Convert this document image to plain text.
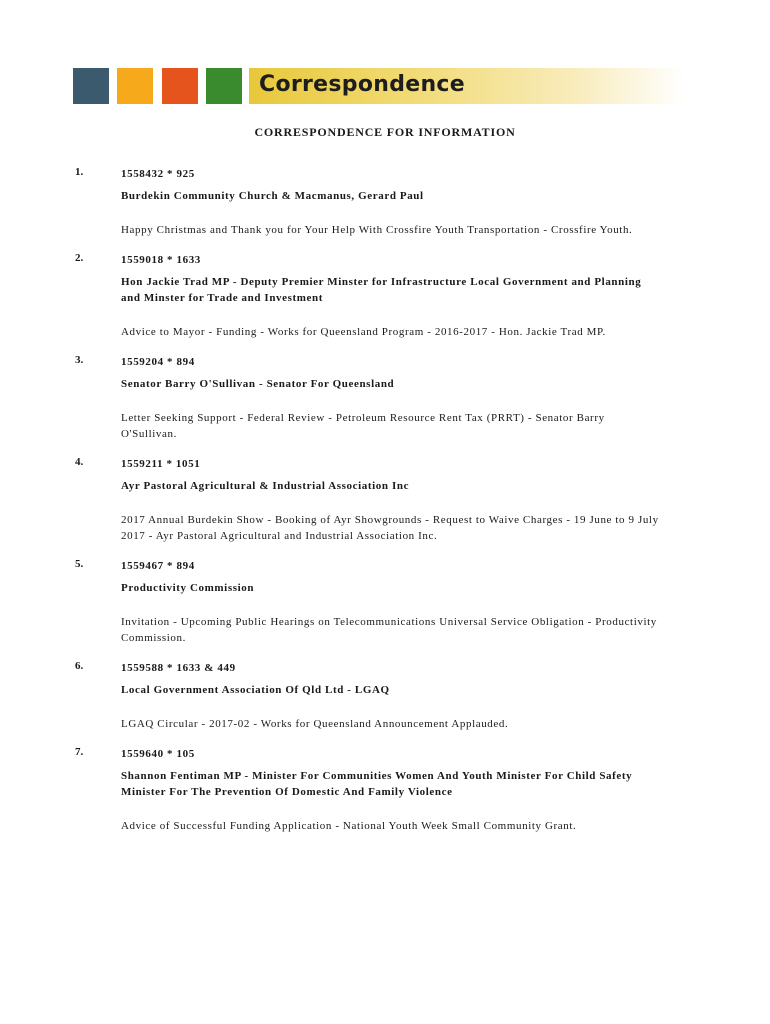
Correspondence
CORRESPONDENCE FOR INFORMATION
1.	1558432 * 925
Burdekin Community Church & Macmanus, Gerard Paul
Happy Christmas and Thank you for Your Help With Crossfire Youth Transportation - Crossfire Youth.
2.	1559018 * 1633
Hon Jackie Trad MP - Deputy Premier Minster for Infrastructure Local Government and Planning and Minster for Trade and Investment
Advice to Mayor - Funding - Works for Queensland Program - 2016-2017 - Hon. Jackie Trad MP.
3.	1559204 * 894
Senator Barry O'Sullivan - Senator For Queensland
Letter Seeking Support - Federal Review - Petroleum Resource Rent Tax (PRRT) - Senator Barry O'Sullivan.
4.	1559211 * 1051
Ayr Pastoral Agricultural & Industrial Association Inc
2017 Annual Burdekin Show - Booking of Ayr Showgrounds - Request to Waive Charges - 19 June to 9 July 2017 - Ayr Pastoral Agricultural and Industrial Association Inc.
5.	1559467 * 894
Productivity Commission
Invitation - Upcoming Public Hearings on Telecommunications Universal Service Obligation - Productivity Commission.
6.	1559588 * 1633 & 449
Local Government Association Of Qld Ltd - LGAQ
LGAQ Circular - 2017-02 - Works for Queensland Announcement Applauded.
7.	1559640 * 105
Shannon Fentiman MP - Minister For Communities Women And Youth Minister For Child Safety Minister For The Prevention Of Domestic And Family Violence
Advice of Successful Funding Application - National Youth Week Small Community Grant.
